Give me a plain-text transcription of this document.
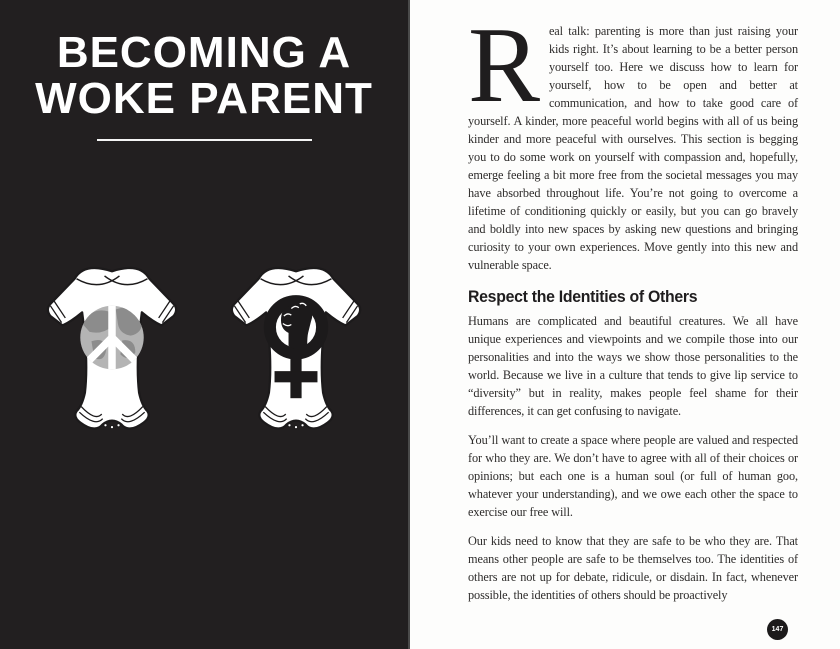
BECOMING A
WOKE PARENT Real talk: parenting is more than just raising your kids right. It’s about learning to be a better person yourself too. Here we discuss how to learn for yourself, how to be open and better at communication, and how to take good care of yourself. A kinder, more peaceful world begins with all of us being kinder and more peaceful with ourselves. This section is begging you to do some work on yourself with compassion and, hopefully, emerge feeling a bit more free from the societal messages you may have absorbed throughout life. You’re not going to overcome a lifetime of conditioning quickly or easily, but you can go bravely and boldly into new spaces by asking new questions and bringing curiosity to your own experiences. Move gently into this new and vulnerable space.

Respect the Identities of Others

Humans are complicated and beautiful creatures. We all have unique experiences and viewpoints and we compile those into our personalities and into the ways we show those personalities to the world. Because we live in a culture that tends to give lip service to “diversity” but in reality, makes people feel shame for their differences, it can get confusing to navigate.

You’ll want to create a space where people are valued and respected for who they are. We don’t have to agree with all of their choices or opinions; but each one is a human soul (or full of human goo, whatever your understanding), and we owe each other the space to exercise our free will.

Our kids need to know that they are safe to be who they are. That means other people are safe to be themselves too. The identities of others are not up for debate, ridicule, or disdain. In fact, whenever possible, the identities of others should be proactively

147
